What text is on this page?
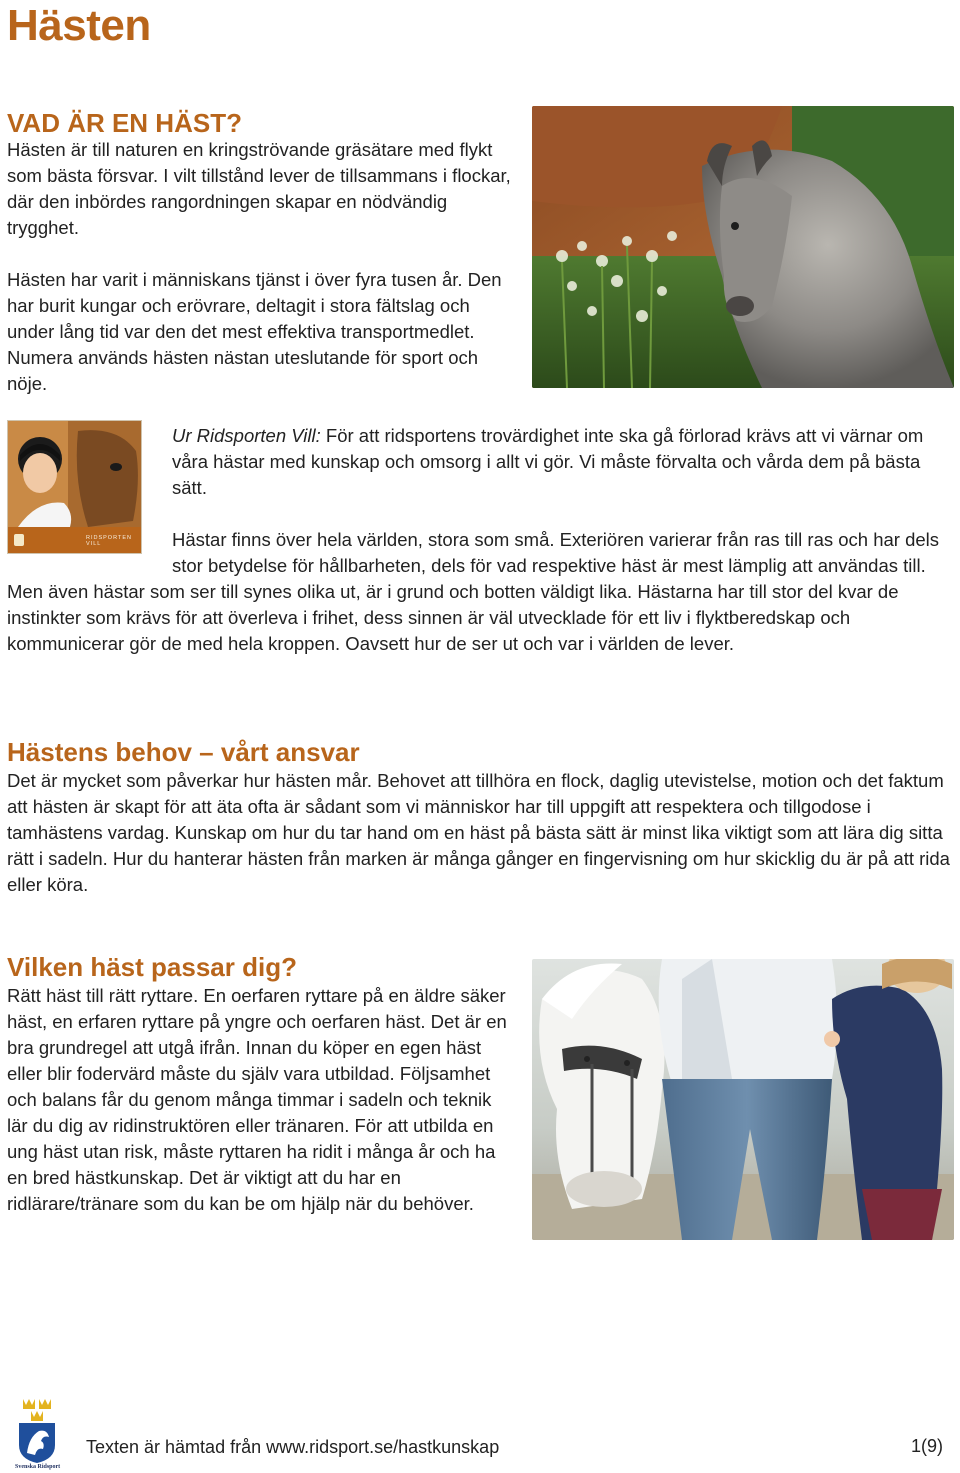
Hästen
VAD ÄR EN HÄST?

Hästen är till naturen en kringströvande gräsätare med flykt som bästa försvar. I vilt tillstånd lever de tillsammans i flockar, där den inbördes rangordningen skapar en nödvändig trygghet.

Hästen har varit i människans tjänst i över fyra tusen år. Den har burit kungar och erövrare, deltagit i stora fältslag och under lång tid var den det mest effektiva transportmedlet. Numera används hästen nästan uteslutande för sport och nöje.

RIDSPORTEN VILL
Ur Ridsporten Vill: För att ridsportens trovärdighet inte ska gå förlorad krävs att vi värnar om våra hästar med kunskap och omsorg i allt vi gör. Vi måste förvalta och vårda dem på bästa sätt.
Hästar finns över hela världen, stora som små. Exteriören varierar från ras till ras och har dels stor betydelse för hållbarheten, dels för vad respektive häst är mest lämplig att användas till. Men även hästar som ser till synes olika ut, är i grund och botten väldigt lika. Hästarna har till stor del kvar de instinkter som krävs för att överleva i frihet, dess sinnen är väl utvecklade för ett liv i flyktberedskap och kommunicerar gör de med hela kroppen. Oavsett hur de ser ut och var i världen de lever.
Hästens behov – vårt ansvar
Det är mycket som påverkar hur hästen mår. Behovet att tillhöra en flock, daglig utevistelse, motion och det faktum att hästen är skapt för att äta ofta är sådant som vi människor har till uppgift att respektera och tillgodose i tamhästens vardag. Kunskap om hur du tar hand om en häst på bästa sätt är minst lika viktigt som att lära dig sitta rätt i sadeln. Hur du hanterar hästen från marken är många gånger en fingervisning om hur skicklig du är på att rida eller köra.
Vilken häst passar dig?
Rätt häst till rätt ryttare. En oerfaren ryttare på en äldre säker häst, en erfaren ryttare på yngre och oerfaren häst. Det är en bra grundregel att utgå ifrån. Innan du köper en egen häst eller blir fodervärd måste du själv vara utbildad. Följsamhet och balans får du genom många timmar i sadeln och teknik lär du dig av ridinstruktören eller tränaren. För att utbilda en ung häst utan risk, måste ryttaren ha ridit i många år och ha en bred hästkunskap. Det är viktigt att du har en ridlärare/tränare som du kan be om hjälp när du behöver.
Svenska Ridsport
Texten är hämtad från www.ridsport.se/hastkunskap	1(9)
